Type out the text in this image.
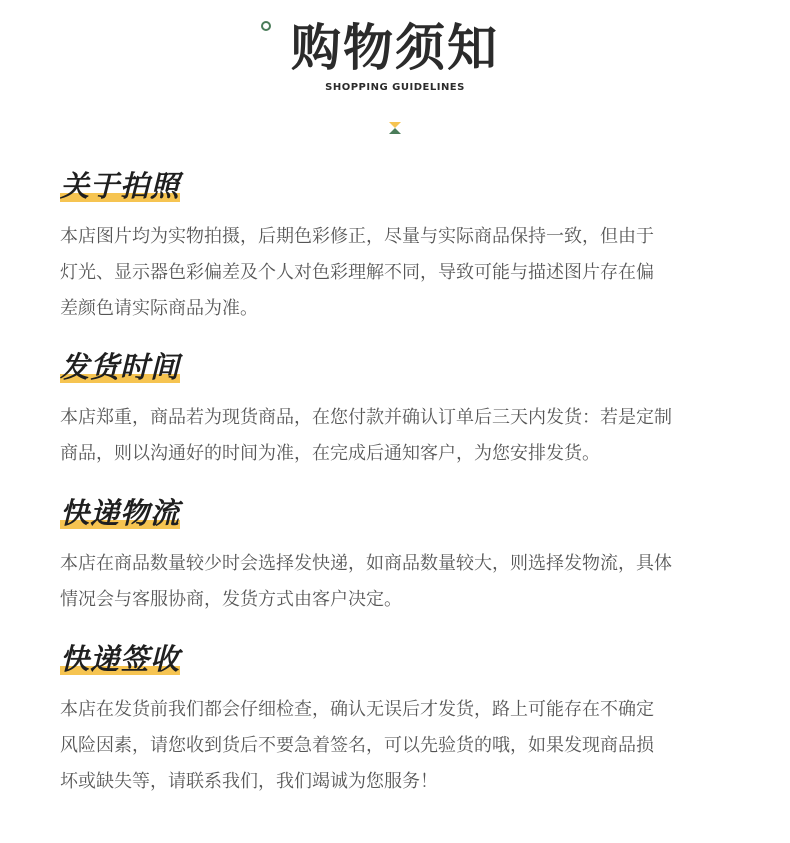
购物须知
SHOPPING GUIDELINES
关于拍照
本店图片均为实物拍摄，后期色彩修正，尽量与实际商品保持一致，但由于
灯光、显示器色彩偏差及个人对色彩理解不同，导致可能与描述图片存在偏
差颜色请实际商品为准。
发货时间
本店郑重，商品若为现货商品，在您付款并确认订单后三天内发货：若是定制
商品，则以沟通好的时间为准，在完成后通知客户，为您安排发货。
快递物流
本店在商品数量较少时会选择发快递，如商品数量较大，则选择发物流，具体
情况会与客服协商，发货方式由客户决定。
快递签收
本店在发货前我们都会仔细检查，确认无误后才发货，路上可能存在不确定
风险因素，请您收到货后不要急着签名，可以先验货的哦，如果发现商品损
坏或缺失等，请联系我们，我们竭诚为您服务！
